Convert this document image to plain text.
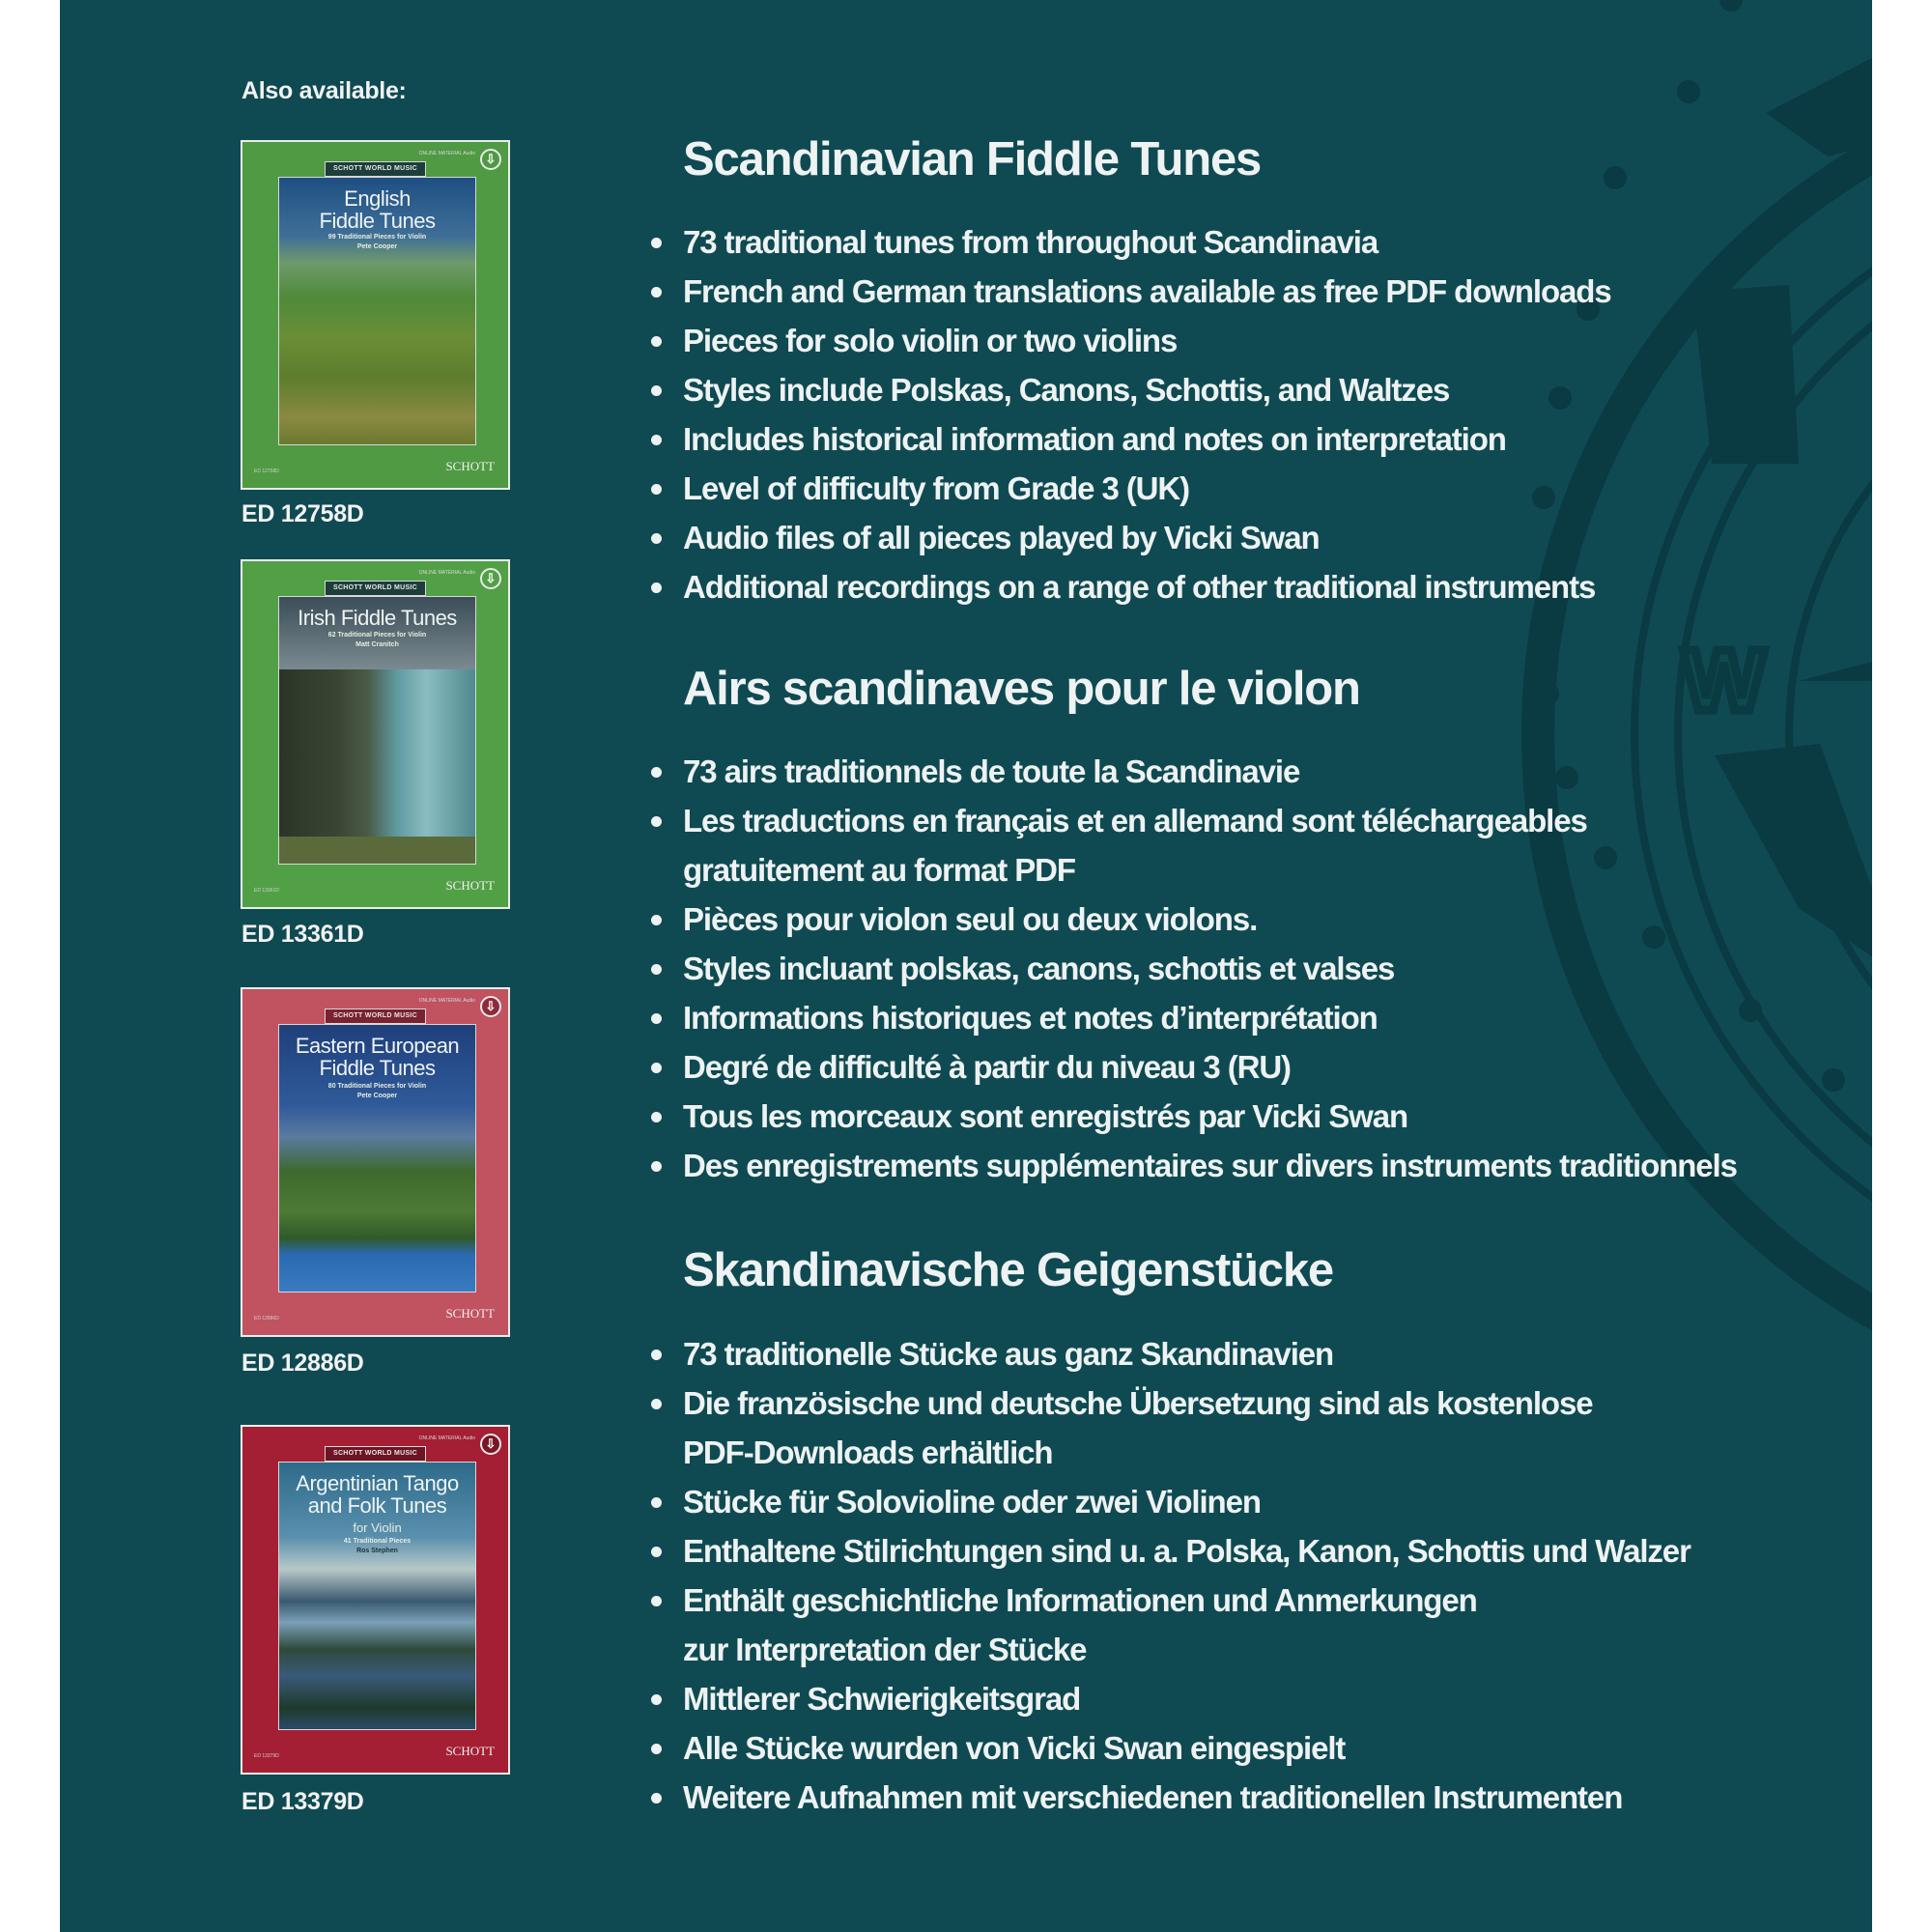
W
Also available:
ONLINE MATERIAL Audio ⇩
SCHOTT WORLD MUSIC
English
Fiddle Tunes
99 Traditional Pieces for Violin
Pete Cooper
ED 12758D	SCHOTT
ED 12758D
ONLINE MATERIAL Audio ⇩
SCHOTT WORLD MUSIC
Irish Fiddle Tunes
62 Traditional Pieces for Violin
Matt Cranitch
ED 13361D	SCHOTT
ED 13361D
ONLINE MATERIAL Audio ⇩
SCHOTT WORLD MUSIC
Eastern European
Fiddle Tunes
80 Traditional Pieces for Violin
Pete Cooper
ED 12886D	SCHOTT
ED 12886D
ONLINE MATERIAL Audio ⇩
SCHOTT WORLD MUSIC
Argentinian Tango
and Folk Tunes
for Violin
41 Traditional Pieces
Ros Stephen
ED 13379D	SCHOTT
ED 13379D
Scandinavian Fiddle Tunes
73 traditional tunes from throughout Scandinavia
French and German translations available as free PDF downloads
Pieces for solo violin or two violins
Styles include Polskas, Canons, Schottis, and Waltzes
Includes historical information and notes on interpretation
Level of difficulty from Grade 3 (UK)
Audio files of all pieces played by Vicki Swan
Additional recordings on a range of other traditional instruments
Airs scandinaves pour le violon
73 airs traditionnels de toute la Scandinavie
Les traductions en français et en allemand sont téléchargeables
gratuitement au format PDF
Pièces pour violon seul ou deux violons.
Styles incluant polskas, canons, schottis et valses
Informations historiques et notes d’interprétation
Degré de difficulté à partir du niveau 3 (RU)
Tous les morceaux sont enregistrés par Vicki Swan
Des enregistrements supplémentaires sur divers instruments traditionnels
Skandinavische Geigenstücke
73 traditionelle Stücke aus ganz Skandinavien
Die französische und deutsche Übersetzung sind als kostenlose
PDF-Downloads erhältlich
Stücke für Solovioline oder zwei Violinen
Enthaltene Stilrichtungen sind u. a. Polska, Kanon, Schottis und Walzer
Enthält geschichtliche Informationen und Anmerkungen
zur Interpretation der Stücke
Mittlerer Schwierigkeitsgrad
Alle Stücke wurden von Vicki Swan eingespielt
Weitere Aufnahmen mit verschiedenen traditionellen Instrumenten
